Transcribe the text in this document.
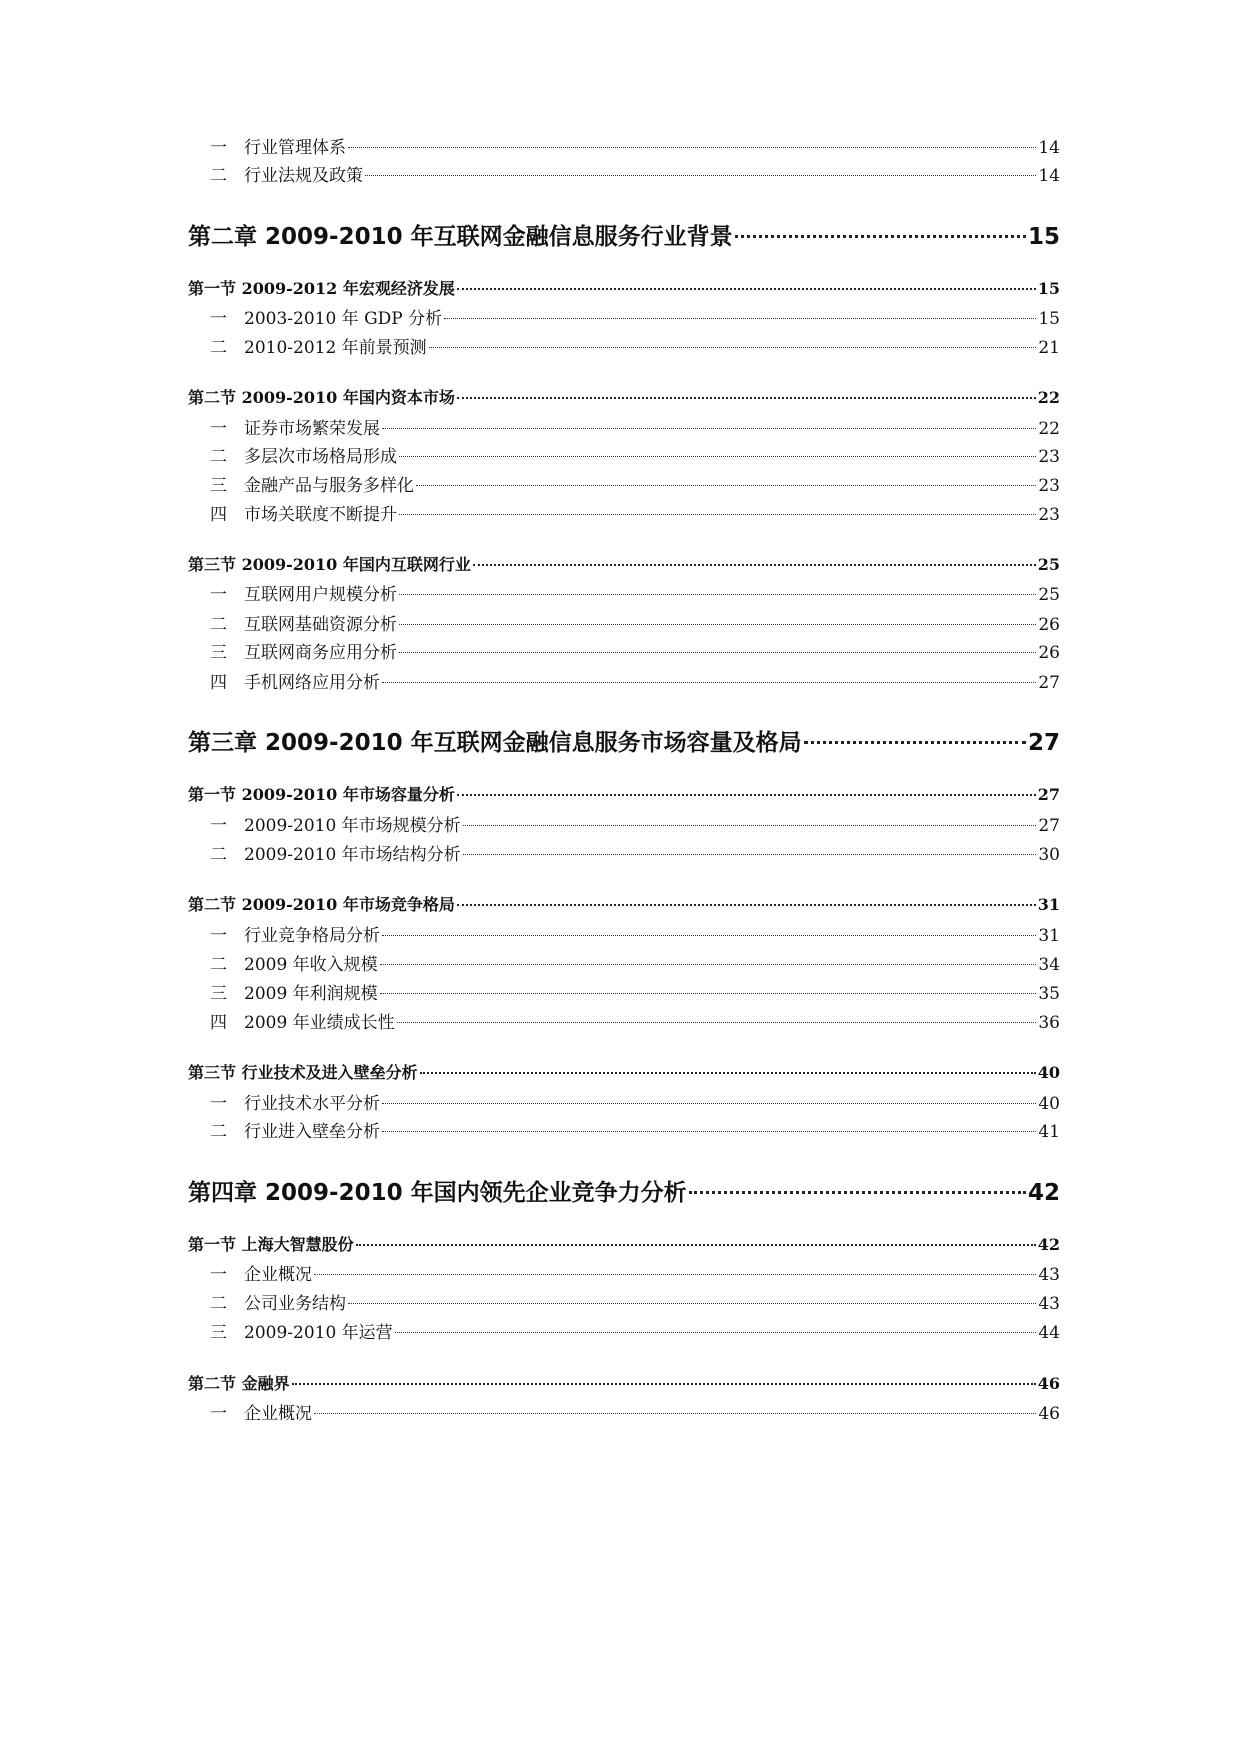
一	行业管理体系	14
二	行业法规及政策	14
第二章 2009-2010 年互联网金融信息服务行业背景	15
第一节 2009-2012 年宏观经济发展	15
一	2003-2010 年 GDP 分析	15
二	2010-2012 年前景预测	21
第二节 2009-2010 年国内资本市场	22
一	证券市场繁荣发展	22
二	多层次市场格局形成	23
三	金融产品与服务多样化	23
四	市场关联度不断提升	23
第三节 2009-2010 年国内互联网行业	25
一	互联网用户规模分析	25
二	互联网基础资源分析	26
三	互联网商务应用分析	26
四	手机网络应用分析	27
第三章 2009-2010 年互联网金融信息服务市场容量及格局	27
第一节 2009-2010 年市场容量分析	27
一	2009-2010 年市场规模分析	27
二	2009-2010 年市场结构分析	30
第二节 2009-2010 年市场竞争格局	31
一	行业竞争格局分析	31
二	2009 年收入规模	34
三	2009 年利润规模	35
四	2009 年业绩成长性	36
第三节 行业技术及进入壁垒分析	40
一	行业技术水平分析	40
二	行业进入壁垒分析	41
第四章 2009-2010 年国内领先企业竞争力分析	42
第一节 上海大智慧股份	42
一	企业概况	43
二	公司业务结构	43
三	2009-2010 年运营	44
第二节 金融界	46
一	企业概况	46
